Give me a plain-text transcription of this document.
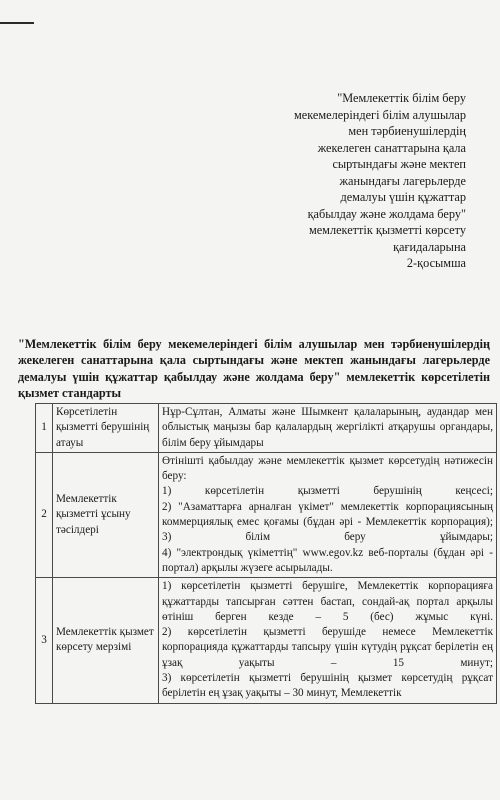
"Мемлекеттік білім беру
мекемелеріндегі білім алушылар
мен тәрбиенушілердің
жекелеген санаттарына қала
сыртындағы және мектеп
жанындағы лагерьлерде
демалуы үшін құжаттар
қабылдау және жолдама беру"
мемлекеттік қызметті көрсету
қағидаларына
2-қосымша
"Мемлекеттік білім беру мекемелеріндегі білім алушылар мен тәрбиенушілердің жекелеген санаттарына қала сыртындағы және мектеп жанындағы лагерьлерде демалуы үшін құжаттар қабылдау және жолдама беру" мемлекеттік көрсетілетін қызмет стандарты
1	Көрсетілетін қызметті берушінің атауы	Нұр-Сұлтан, Алматы және Шымкент қалаларының, аудандар мен облыстық маңызы бар қалалардың жергілікті атқарушы органдары, білім беру ұйымдары

2	Мемлекеттік қызметті ұсыну тәсілдері	Өтінішті қабылдау және мемлекеттік қызмет көрсетудің нәтижесін беру:
1) көрсетілетін қызметті берушінің кеңсесі;
2) "Азаматтарға арналған үкімет" мемлекеттік корпорациясының коммерциялық емес қоғамы (бұдан әрі - Мемлекеттік корпорация);
3) білім беру ұйымдары;
4) "электрондық үкіметтің" www.egov.kz веб-порталы (бұдан әрі - портал) арқылы жүзеге асырылады.

3	Мемлекеттік қызмет көрсету мерзімі	1) көрсетілетін қызметті берушіге, Мемлекеттік корпорацияға құжаттарды тапсырған сәттен бастап, сондай-ақ портал арқылы өтініш берген кезде – 5 (бес) жұмыс күні.
2) көрсетілетін қызметті берушіде немесе Мемлекеттік корпорацияда құжаттарды тапсыру үшін күтудің рұқсат берілетін ең ұзақ уақыты – 15 минут;
3) көрсетілетін қызметті берушінің қызмет көрсетудің рұқсат берілетін ең ұзақ уақыты – 30 минут, Мемлекеттік
